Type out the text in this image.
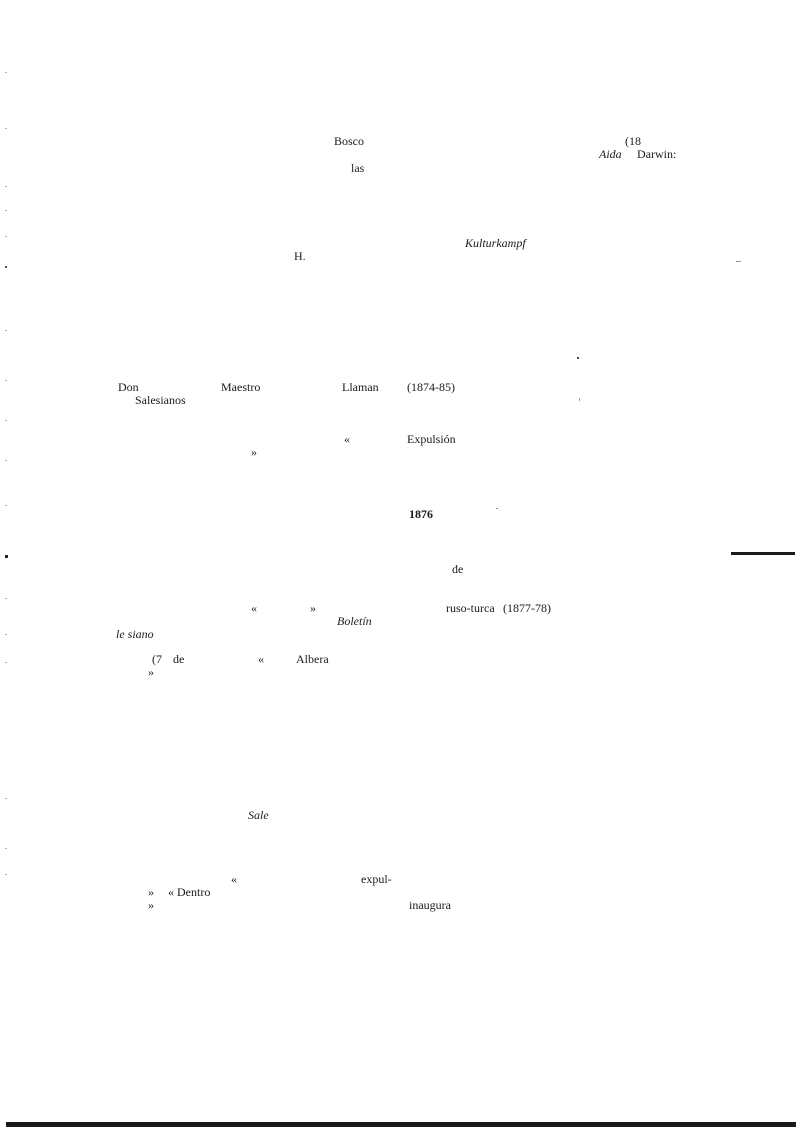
Bosco	(18
Aida Darwin:
las
Kulturkampf
H.
Don	Maestro	Llaman (1874-85)
Salesianos
«	Expulsión
»
1876
de
«	»	ruso-turca (1877-78)
Boletín
le siano
(7 de	«	Albera
»
Sale
«	expul-
» « Dentro
»	inaugura
